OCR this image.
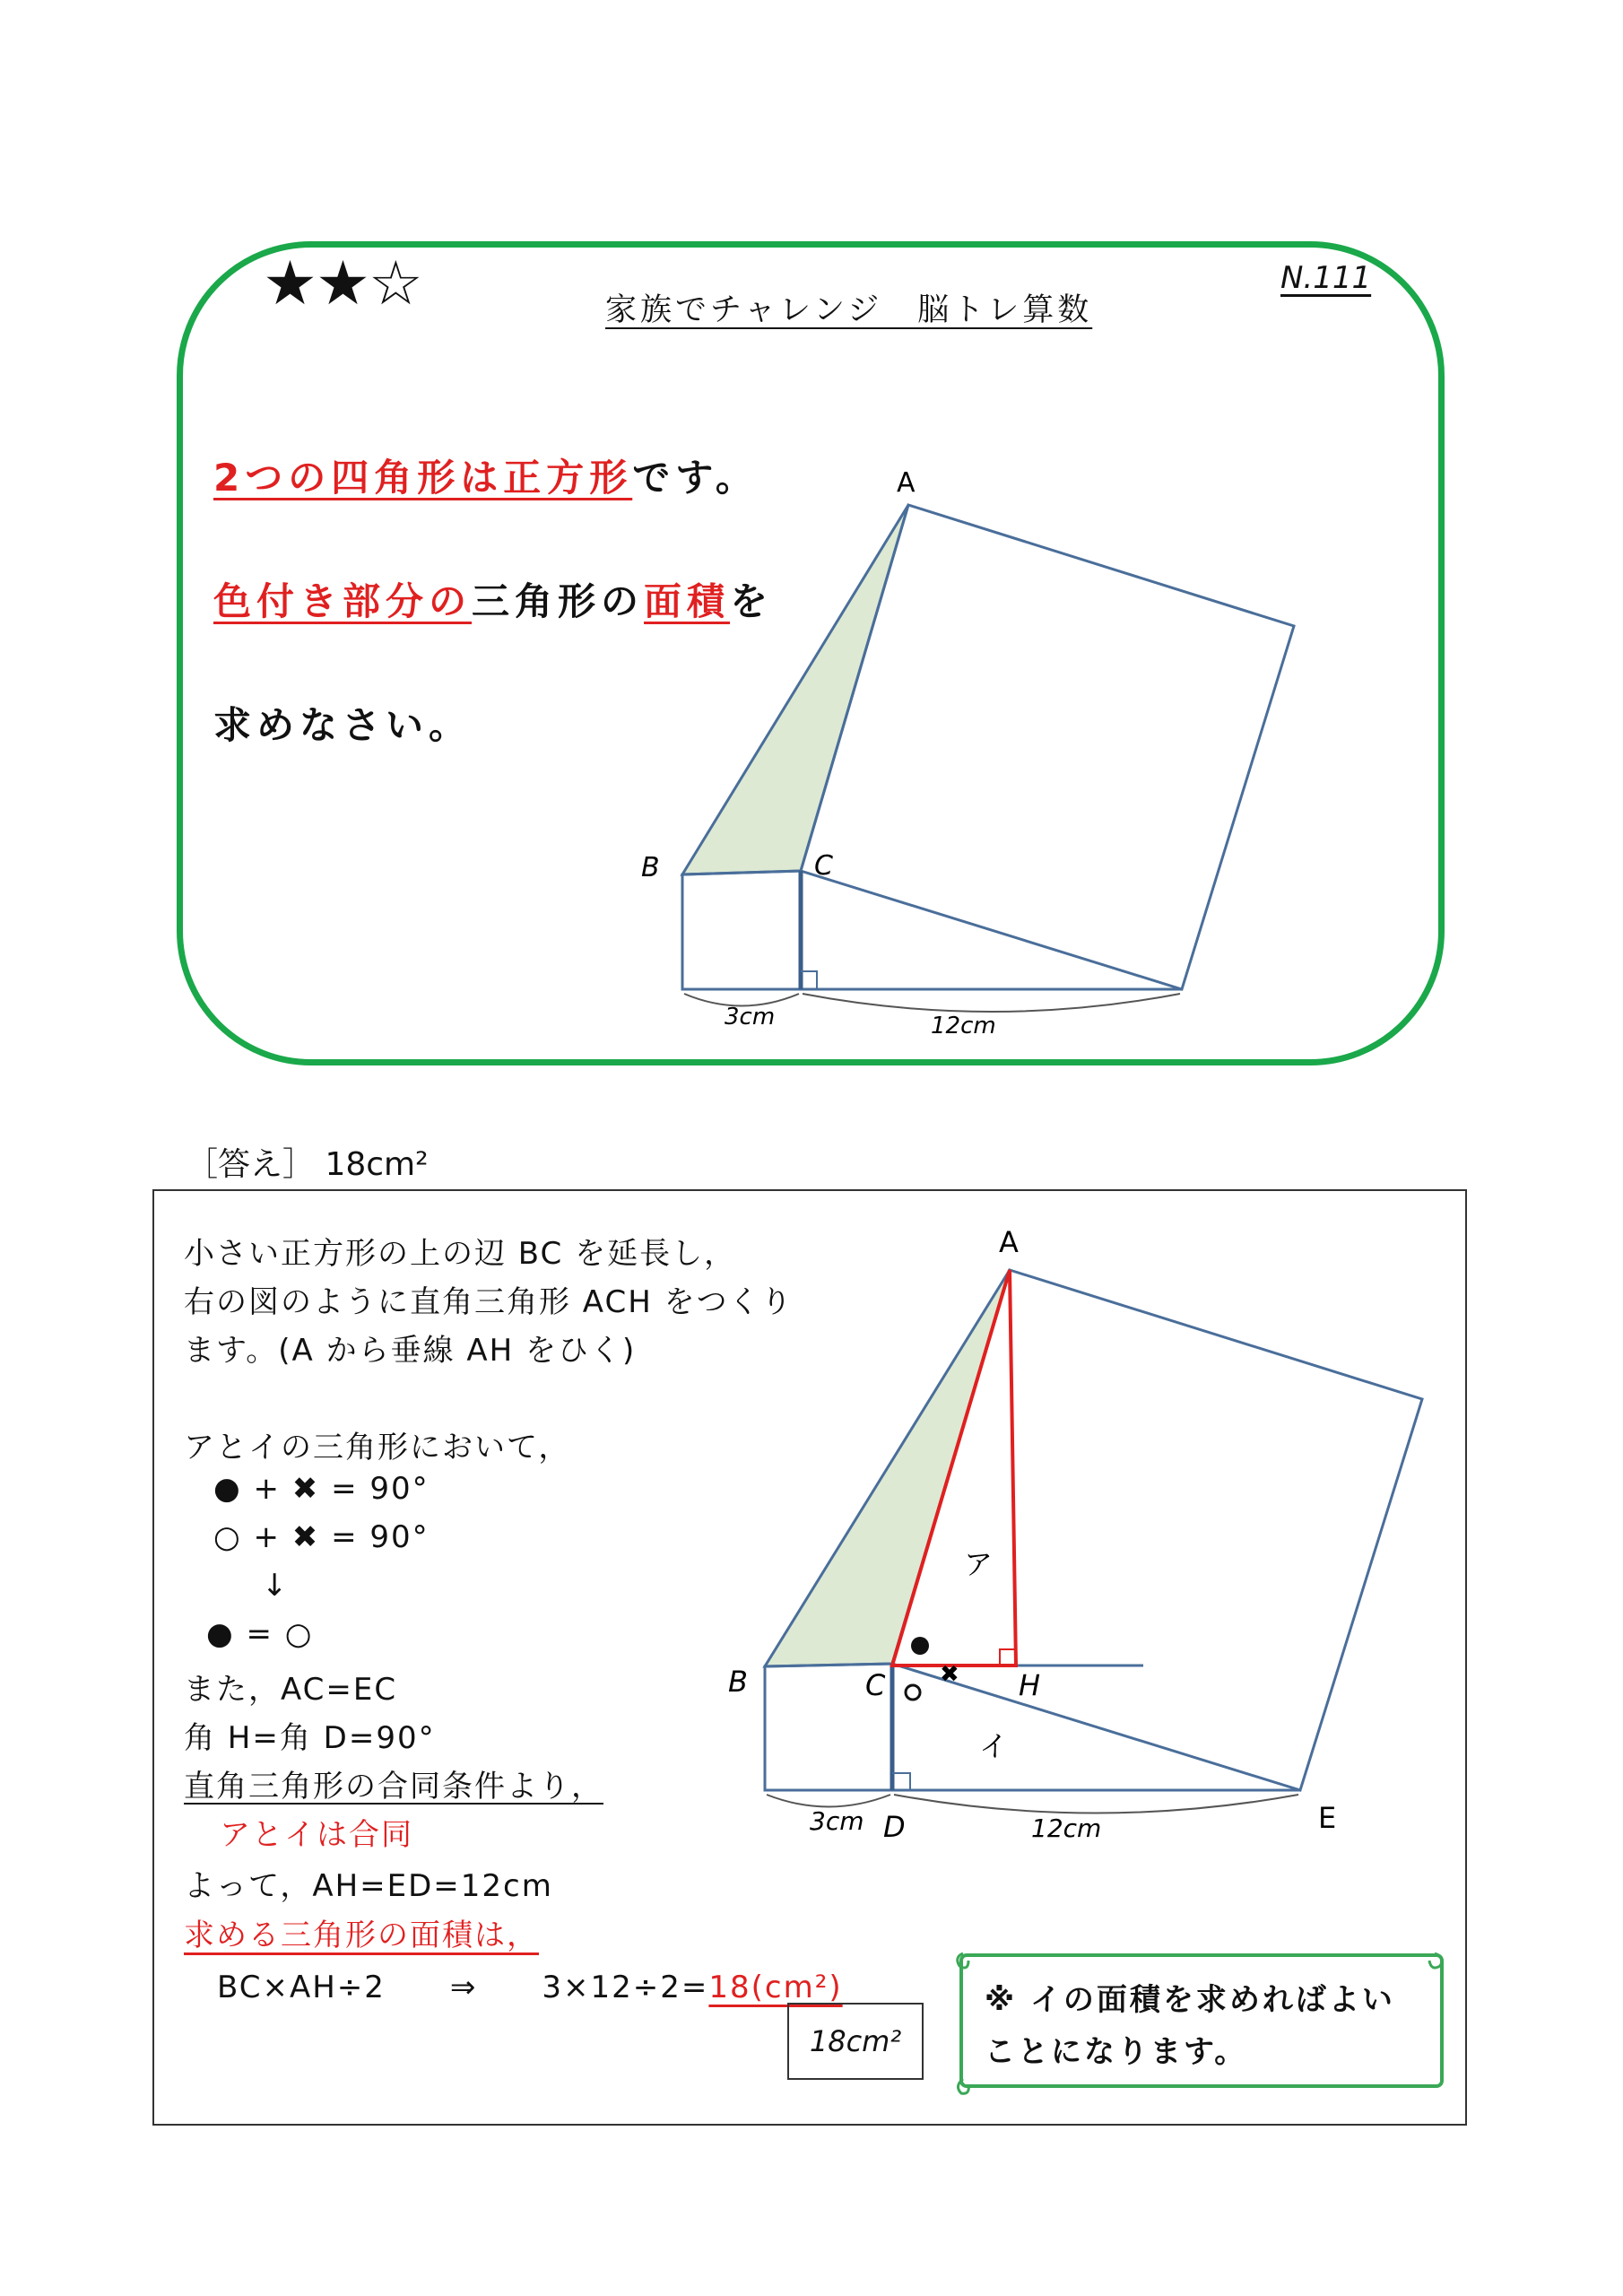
★★☆	家族でチャレンジ　脳トレ算数
N.111
2つの四角形は正方形です。
色付き部分の三角形の面積を
求めなさい。
A
B	C
3cm	12cm
［答え］ 18cm²
小さい正方形の上の辺 BC を延長し，
右の図のように直角三角形 ACH をつくり
ます。(A から垂線 AH をひく)
アとイの三角形において，
● + ✖ = 90°
○ + ✖ = 90°
↓
● = ○
また，AC=EC
角 H=角 D=90°
直角三角形の合同条件より，
アとイは合同
よって，AH=ED=12cm
求める三角形の面積は，
BC×AH÷2　　⇒　　3×12÷2=18(cm²)
18cm²
※ イの面積を求めればよい
ことになります。
✖
A
B	C	H
D	E
ア
イ
3cm	12cm
